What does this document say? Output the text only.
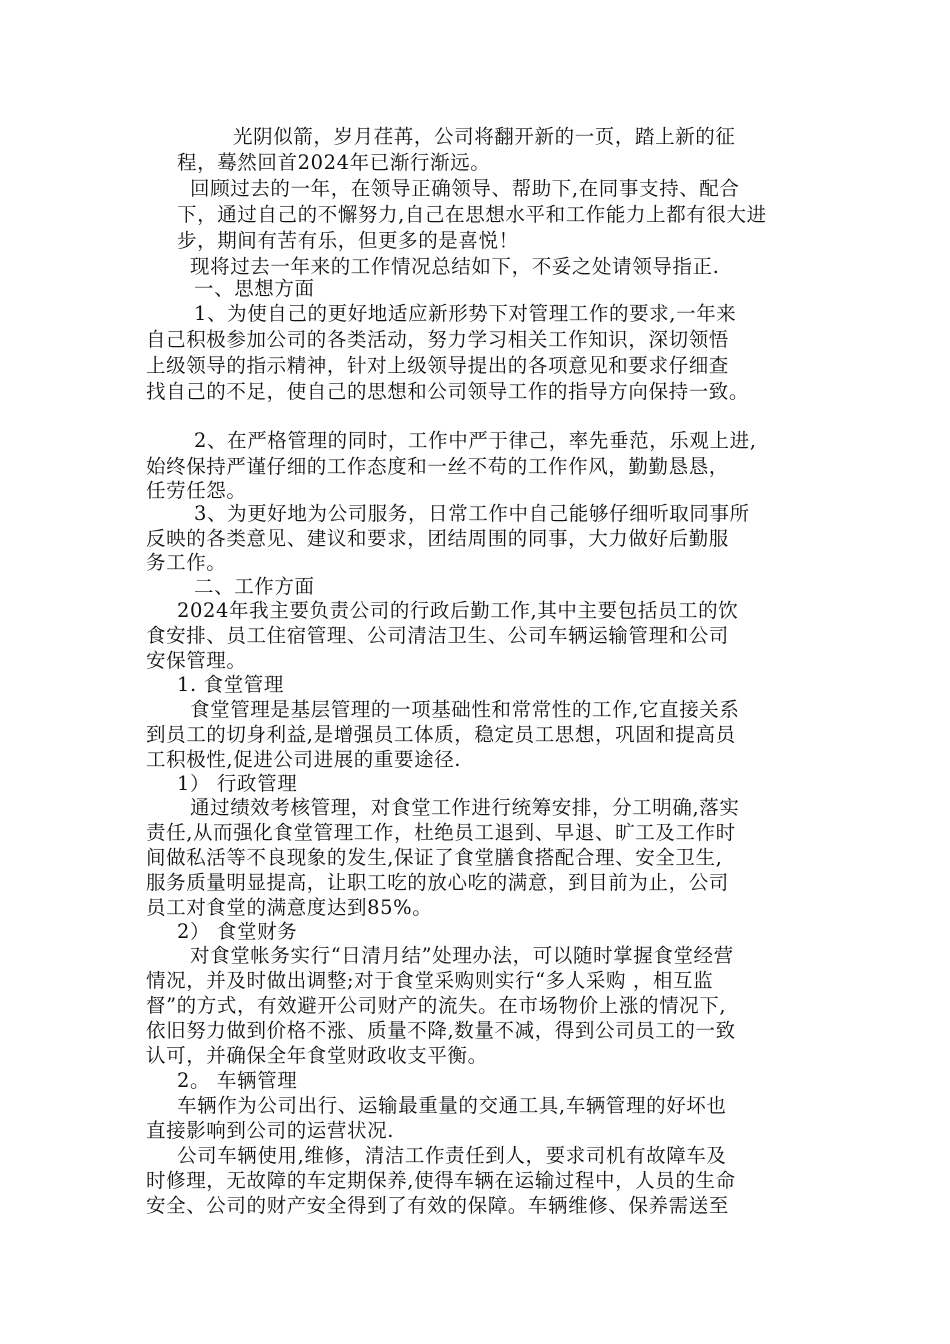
光阴似箭，岁月荏苒，公司将翻开新的一页，踏上新的征
程，蓦然回首2024年已渐行渐远。
回顾过去的一年，在领导正确领导、帮助下,在同事支持、配合
下，通过自己的不懈努力,自己在思想水平和工作能力上都有很大进
步，期间有苦有乐，但更多的是喜悦！
现将过去一年来的工作情况总结如下，不妥之处请领导指正.
一、思想方面
1、为使自己的更好地适应新形势下对管理工作的要求,一年来
自己积极参加公司的各类活动，努力学习相关工作知识，深切领悟
上级领导的指示精神，针对上级领导提出的各项意见和要求仔细查
找自己的不足，使自己的思想和公司领导工作的指导方向保持一致。
2、在严格管理的同时，工作中严于律己，率先垂范，乐观上进,
始终保持严谨仔细的工作态度和一丝不苟的工作作风，勤勤恳恳，
任劳任怨。
3、为更好地为公司服务，日常工作中自己能够仔细听取同事所
反映的各类意见、建议和要求，团结周围的同事，大力做好后勤服
务工作。
二、工作方面
2024年我主要负责公司的行政后勤工作,其中主要包括员工的饮
食安排、员工住宿管理、公司清洁卫生、公司车辆运输管理和公司
安保管理。
1. 食堂管理
食堂管理是基层管理的一项基础性和常常性的工作,它直接关系
到员工的切身利益,是增强员工体质，稳定员工思想，巩固和提高员
工积极性,促进公司进展的重要途径.
1） 行政管理
通过绩效考核管理，对食堂工作进行统筹安排，分工明确,落实
责任,从而强化食堂管理工作，杜绝员工退到、早退、旷工及工作时
间做私活等不良现象的发生,保证了食堂膳食搭配合理、安全卫生,
服务质量明显提高，让职工吃的放心吃的满意，到目前为止，公司
员工对食堂的满意度达到85%。
2） 食堂财务
对食堂帐务实行“日清月结”处理办法，可以随时掌握食堂经营
情况，并及时做出调整;对于食堂采购则实行“多人采购 ，相互监
督”的方式，有效避开公司财产的流失。在市场物价上涨的情况下,
依旧努力做到价格不涨、质量不降,数量不减，得到公司员工的一致
认可，并确保全年食堂财政收支平衡。
2。 车辆管理
车辆作为公司出行、运输最重量的交通工具,车辆管理的好坏也
直接影响到公司的运营状况.
公司车辆使用,维修，清洁工作责任到人，要求司机有故障车及
时修理，无故障的车定期保养,使得车辆在运输过程中，人员的生命
安全、公司的财产安全得到了有效的保障。车辆维修、保养需送至
